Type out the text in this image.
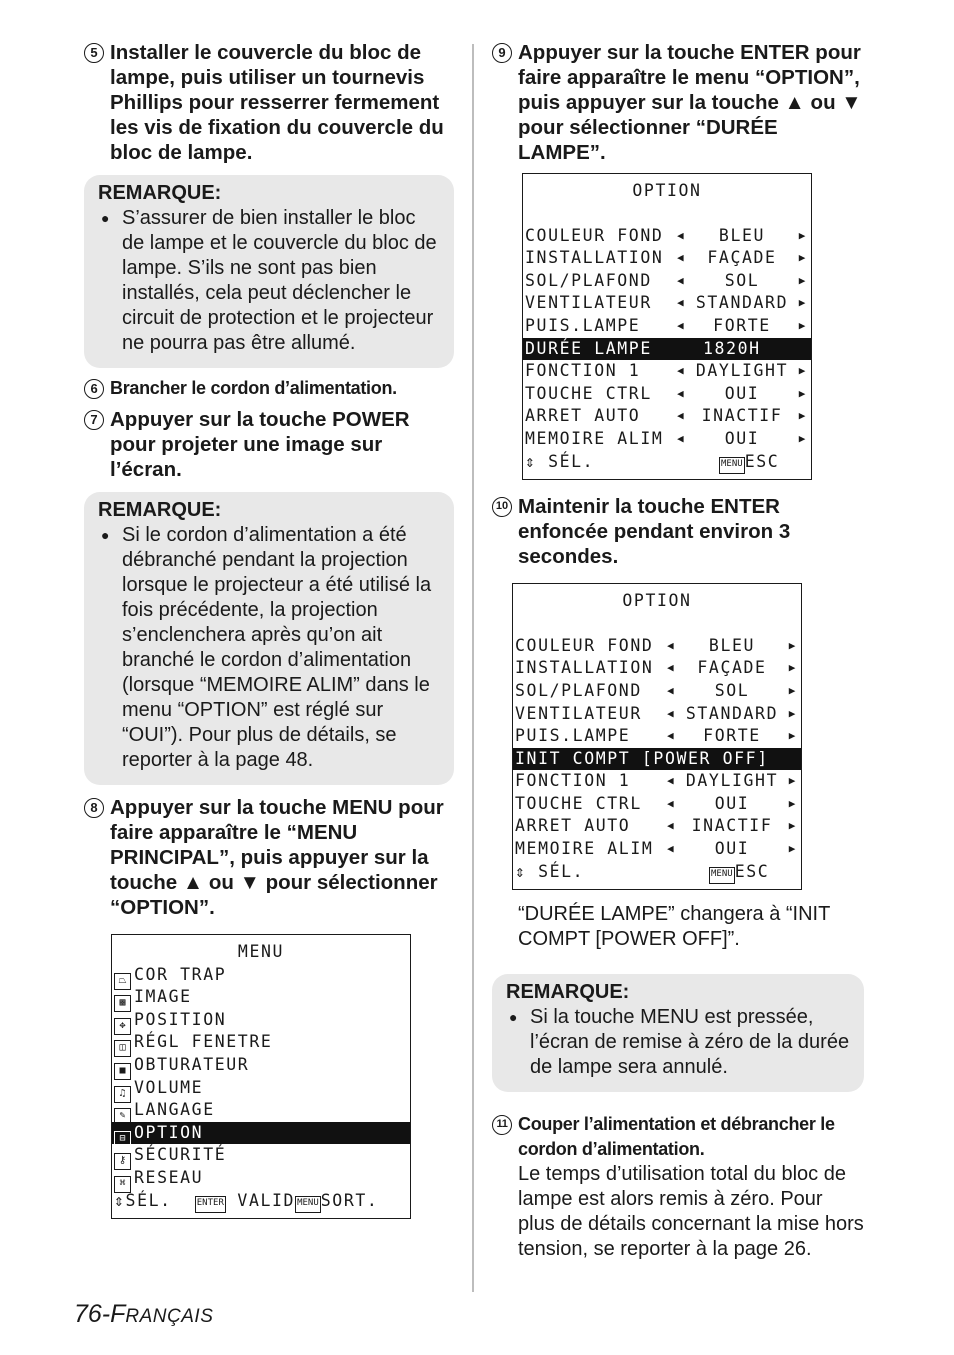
5 Installer le couvercle du bloc de lampe, puis utiliser un tournevis Phillips pour resserrer fermement les vis de fixation du couvercle du bloc de lampe.
REMARQUE:
● S’assurer de bien installer le bloc de lampe et le couvercle du bloc de lampe. S’ils ne sont pas bien installés, cela peut déclencher le circuit de protection et le projecteur ne pourra pas être allumé.
6 Brancher le cordon d’alimentation.
7 Appuyer sur la touche POWER pour projeter une image sur l’écran.
REMARQUE:
● Si le cordon d’alimentation a été débranché pendant la projection lorsque le projecteur a été utilisé la fois précédente, la projection s’enclenchera après qu’on ait branché le cordon d’alimentation (lorsque “MEMOIRE ALIM” dans le menu “OPTION” est réglé sur “OUI”). Pour plus de détails, se reporter à la page 48.
8 Appuyer sur la touche MENU pour faire apparaître le “MENU PRINCIPAL”, puis appuyer sur la touche ▲ ou ▼ pour sélectionner “OPTION”.
MENU
⏢ COR TRAP
▩ IMAGE
✥ POSITION
◫ RÉGL FENETRE
■ OBTURATEUR
♫ VOLUME
✎ LANGAGE
⊟ OPTION
⚷ SÉCURITÉ
⌘ RESEAU
⇕SÉL.	ENTER VALID MENU SORT.
9 Appuyer sur la touche ENTER pour faire apparaître le menu “OPTION”, puis appuyer sur la touche ▲ ou ▼ pour sélectionner “DURÉE LAMPE”.
OPTION
COULEUR FOND ◀ BLEU	▶
INSTALLATION ◀ FAÇADE ▶
SOL/PLAFOND ◀ SOL	▶
VENTILATEUR ◀ STANDARD ▶
PUIS.LAMPE	◀ FORTE	▶
DURÉE LAMPE	1820H
FONCTION 1	◀ DAYLIGHT ▶
TOUCHE CTRL ◀ OUI	▶
ARRET AUTO	◀ INACTIF ▶
MEMOIRE ALIM ◀ OUI	▶
⇕ SÉL.	MENU ESC
10 Maintenir la touche ENTER enfoncée pendant environ 3 secondes.
OPTION
COULEUR FOND ◀ BLEU	▶
INSTALLATION ◀ FAÇADE ▶
SOL/PLAFOND ◀ SOL	▶
VENTILATEUR ◀ STANDARD ▶
PUIS.LAMPE	◀ FORTE	▶
INIT COMPT [POWER OFF]
FONCTION 1	◀ DAYLIGHT ▶
TOUCHE CTRL ◀ OUI	▶
ARRET AUTO	◀ INACTIF ▶
MEMOIRE ALIM ◀ OUI	▶
⇕ SÉL.	MENU ESC
“DURÉE LAMPE” changera à “INIT COMPT [POWER OFF]”.
REMARQUE:
● Si la touche MENU est pressée, l’écran de remise à zéro de la durée de lampe sera annulé.
11 Couper l’alimentation et débrancher le cordon d’alimentation.
Le temps d’utilisation total du bloc de lampe est alors remis à zéro. Pour plus de détails concernant la mise hors tension, se reporter à la page 26.
76-FRANÇAIS
